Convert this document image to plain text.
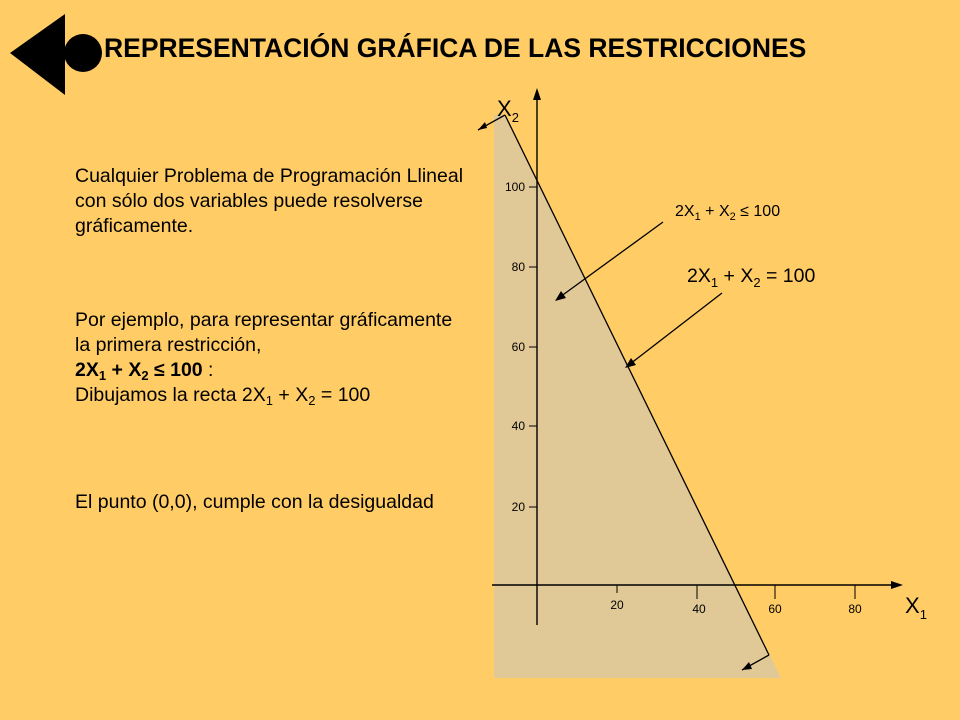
REPRESENTACIÓN GRÁFICA DE LAS RESTRICCIONES
Cualquier Problema de Programación Llineal con sólo dos variables puede resolverse gráficamente.
Por ejemplo, para representar gráficamente la primera restricción,
$2X_1 + X_2 \le 100$ :
Dibujamos la recta $2X_1 + X_2 = 100$
El punto (0,0), cumple con la desigualdad	20
40
60
80
100
20	40	60	80
$X_2$
$X_1$
$2X_1 + X_2 \le 100$
$2X_1 + X_2 = 100$
